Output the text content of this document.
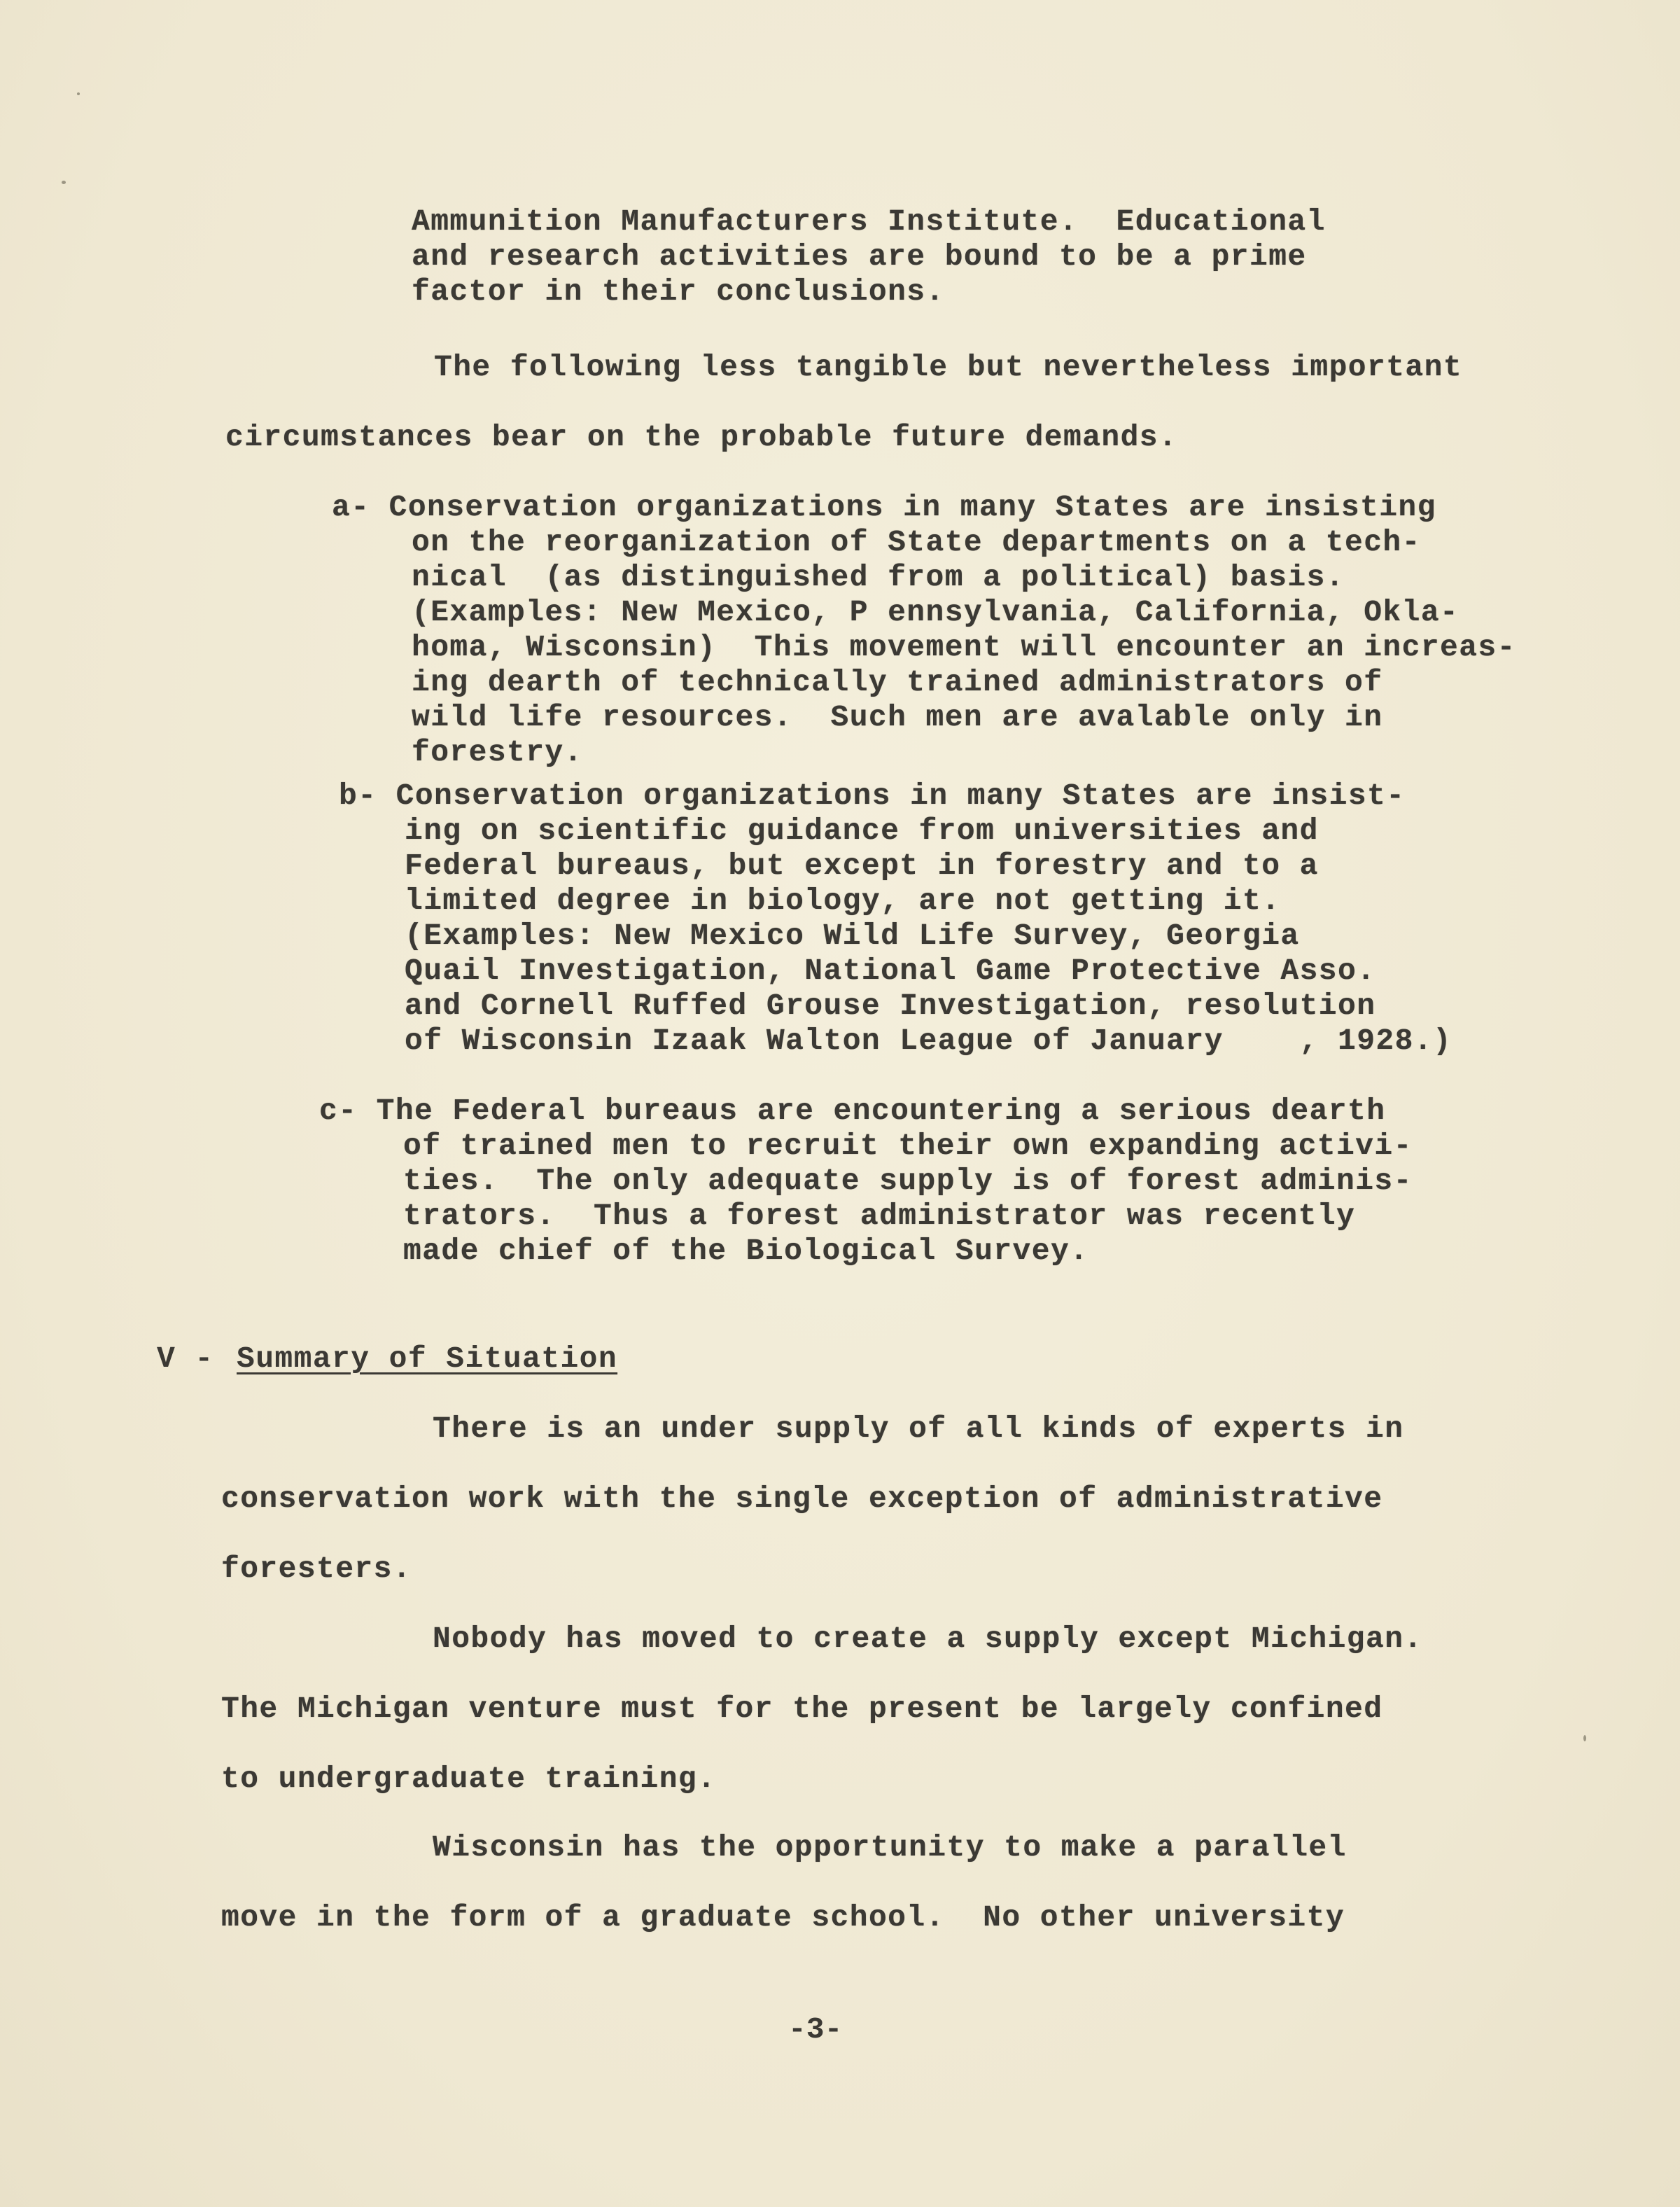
Ammunition Manufacturers Institute.  Educational
and research activities are bound to be a prime
factor in their conclusions.
The following less tangible but nevertheless important
circumstances bear on the probable future demands.
a- Conservation organizations in many States are insisting
on the reorganization of State departments on a tech-
nical  (as distinguished from a political) basis.
(Examples: New Mexico, P ennsylvania, California, Okla-
homa, Wisconsin)  This movement will encounter an increas-
ing dearth of technically trained administrators of
wild life resources.  Such men are avalable only in
forestry.
b- Conservation organizations in many States are insist-
ing on scientific guidance from universities and
Federal bureaus, but except in forestry and to a
limited degree in biology, are not getting it.
(Examples: New Mexico Wild Life Survey, Georgia
Quail Investigation, National Game Protective Asso.
and Cornell Ruffed Grouse Investigation, resolution
of Wisconsin Izaak Walton League of January    , 1928.)
c- The Federal bureaus are encountering a serious dearth
of trained men to recruit their own expanding activi-
ties.  The only adequate supply is of forest adminis-
trators.  Thus a forest administrator was recently
made chief of the Biological Survey.
V - Summary of Situation
There is an under supply of all kinds of experts in
conservation work with the single exception of administrative
foresters.
Nobody has moved to create a supply except Michigan.
The Michigan venture must for the present be largely confined
to undergraduate training.
Wisconsin has the opportunity to make a parallel
move in the form of a graduate school.  No other university
-3-
